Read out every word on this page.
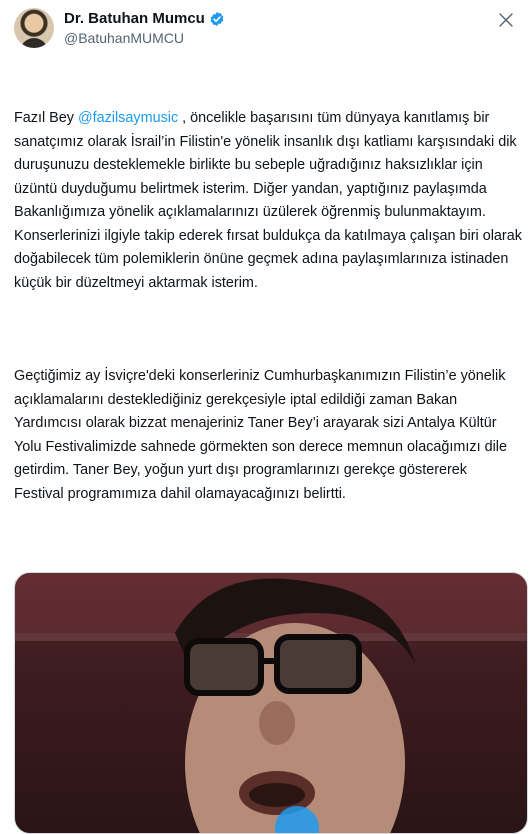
Dr. Batuhan Mumcu
@BatuhanMUMCU

Fazıl Bey @fazilsaymusic , öncelikle başarısını tüm dünyaya kanıtlamış bir sanatçımız olarak İsrail’in Filistin'e yönelik insanlık dışı katliamı karşısındaki dik duruşunuzu desteklemekle birlikte bu sebeple uğradığınız haksızlıklar için üzüntü duyduğumu belirtmek isterim. Diğer yandan, yaptığınız paylaşımda Bakanlığımıza yönelik açıklamalarınızı üzülerek öğrenmiş bulunmaktayım. Konserlerinizi ilgiyle takip ederek fırsat buldukça da katılmaya çalışan biri olarak doğabilecek tüm polemiklerin önüne geçmek adına paylaşımlarınıza istinaden küçük bir düzeltmeyi aktarmak isterim.

Geçtiğimiz ay İsviçre'deki konserleriniz Cumhurbaşkanımızın Filistin’e yönelik açıklamalarını desteklediğiniz gerekçesiyle iptal edildiği zaman Bakan Yardımcısı olarak bizzat menajeriniz Taner Bey’i arayarak sizi Antalya Kültür Yolu Festivalimizde sahnede görmekten son derece memnun olacağımızı dile getirdim. Taner Bey, yoğun yurt dışı programlarınızı gerekçe göstererek  Festival programımıza dahil olamayacağınızı belirtti.
